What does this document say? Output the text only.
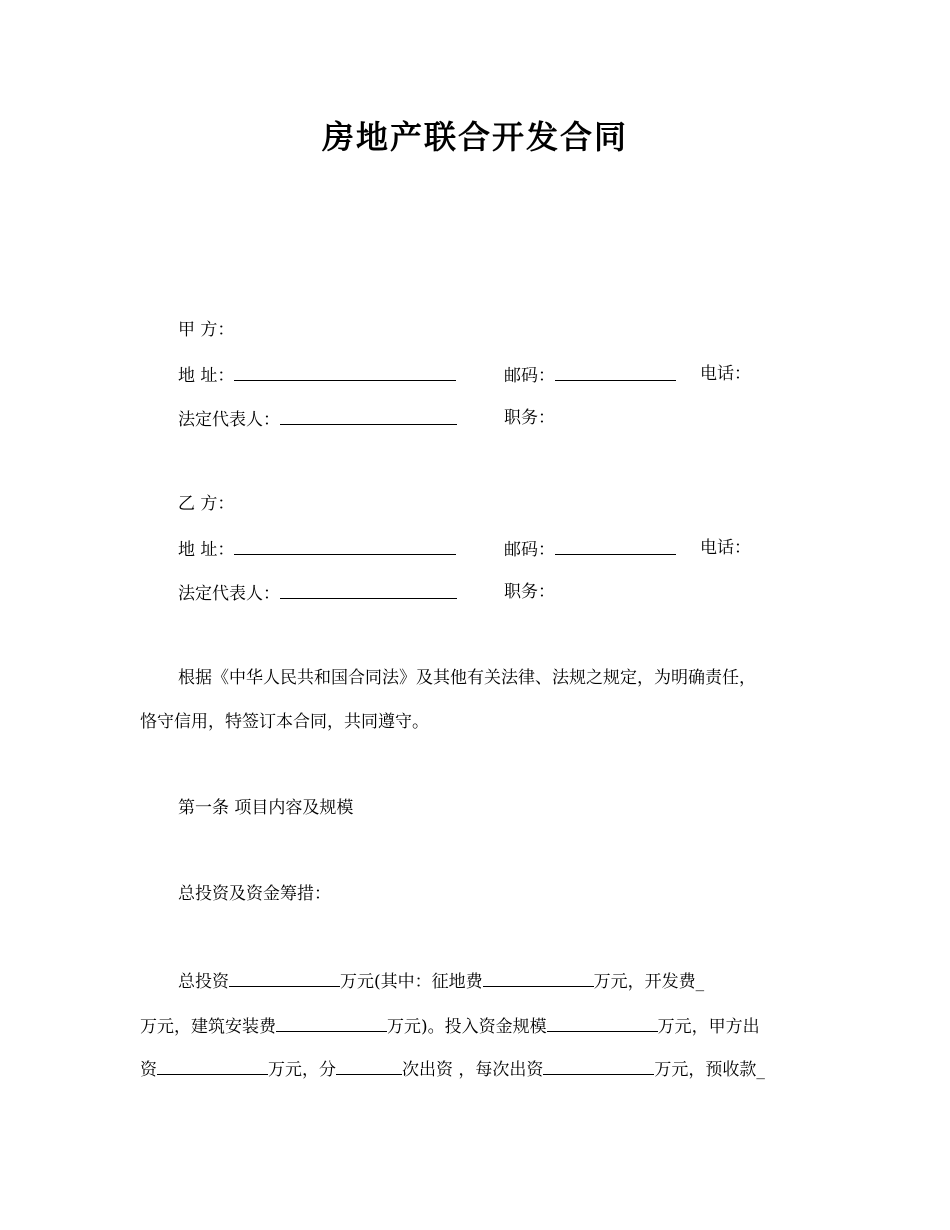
房地产联合开发合同
甲 方：
地 址：	邮码：	电话：
法定代表人：	职务：
乙 方：
地 址：	邮码：	电话：
法定代表人：	职务：
根据《中华人民共和国合同法》及其他有关法律、法规之规定，为明确责任，
恪守信用，特签订本合同，共同遵守。
第一条 项目内容及规模
总投资及资金筹措：
总投资	万元(其中：征地费	万元，开发费_
万元，建筑安装费	万元)。投入资金规模	万元，甲方出
资	万元，分	次出资 ，每次出资	万元，预收款_
